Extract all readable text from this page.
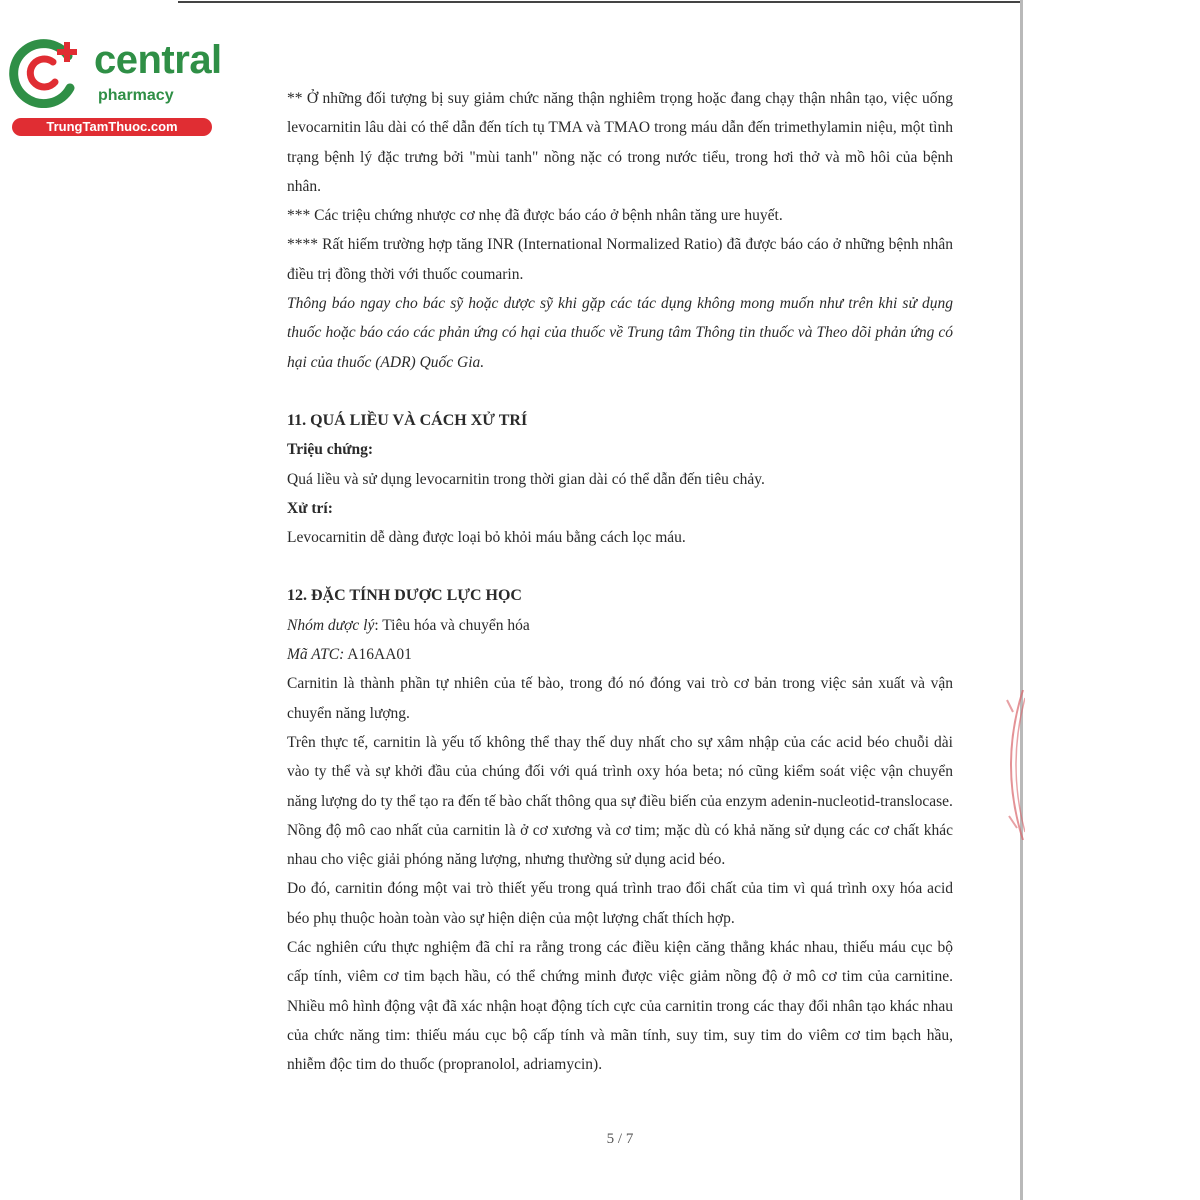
central
pharmacy
TrungTamThuoc.com

** Ở những đối tượng bị suy giảm chức năng thận nghiêm trọng hoặc đang chạy thận nhân tạo, việc uống levocarnitin lâu dài có thể dẫn đến tích tụ TMA và TMAO trong máu dẫn đến trimethylamin niệu, một tình trạng bệnh lý đặc trưng bởi "mùi tanh" nồng nặc có trong nước tiểu, trong hơi thở và mồ hôi của bệnh nhân.

*** Các triệu chứng nhược cơ nhẹ đã được báo cáo ở bệnh nhân tăng ure huyết.

**** Rất hiếm trường hợp tăng INR (International Normalized Ratio) đã được báo cáo ở những bệnh nhân điều trị đồng thời với thuốc coumarin.

Thông báo ngay cho bác sỹ hoặc dược sỹ khi gặp các tác dụng không mong muốn như trên khi sử dụng thuốc hoặc báo cáo các phản ứng có hại của thuốc về Trung tâm Thông tin thuốc và Theo dõi phản ứng có hại của thuốc (ADR) Quốc Gia.

11. QUÁ LIỀU VÀ CÁCH XỬ TRÍ

Triệu chứng:

Quá liều và sử dụng levocarnitin trong thời gian dài có thể dẫn đến tiêu chảy.

Xử trí:

Levocarnitin dễ dàng được loại bỏ khỏi máu bằng cách lọc máu.

12. ĐẶC TÍNH DƯỢC LỰC HỌC

Nhóm dược lý: Tiêu hóa và chuyển hóa

Mã ATC: A16AA01

Carnitin là thành phần tự nhiên của tế bào, trong đó nó đóng vai trò cơ bản trong việc sản xuất và vận chuyển năng lượng.

Trên thực tế, carnitin là yếu tố không thể thay thế duy nhất cho sự xâm nhập của các acid béo chuỗi dài vào ty thể và sự khởi đầu của chúng đối với quá trình oxy hóa beta; nó cũng kiểm soát việc vận chuyển năng lượng do ty thể tạo ra đến tế bào chất thông qua sự điều biến của enzym adenin-nucleotid-translocase.

Nồng độ mô cao nhất của carnitin là ở cơ xương và cơ tim; mặc dù có khả năng sử dụng các cơ chất khác nhau cho việc giải phóng năng lượng, nhưng thường sử dụng acid béo.

Do đó, carnitin đóng một vai trò thiết yếu trong quá trình trao đổi chất của tim vì quá trình oxy hóa acid béo phụ thuộc hoàn toàn vào sự hiện diện của một lượng chất thích hợp.

Các nghiên cứu thực nghiệm đã chỉ ra rằng trong các điều kiện căng thẳng khác nhau, thiếu máu cục bộ cấp tính, viêm cơ tim bạch hầu, có thể chứng minh được việc giảm nồng độ ở mô cơ tim của carnitine. Nhiều mô hình động vật đã xác nhận hoạt động tích cực của carnitin trong các thay đổi nhân tạo khác nhau của chức năng tim: thiếu máu cục bộ cấp tính và mãn tính, suy tim, suy tim do viêm cơ tim bạch hầu, nhiễm độc tim do thuốc (propranolol, adriamycin).

5 / 7
